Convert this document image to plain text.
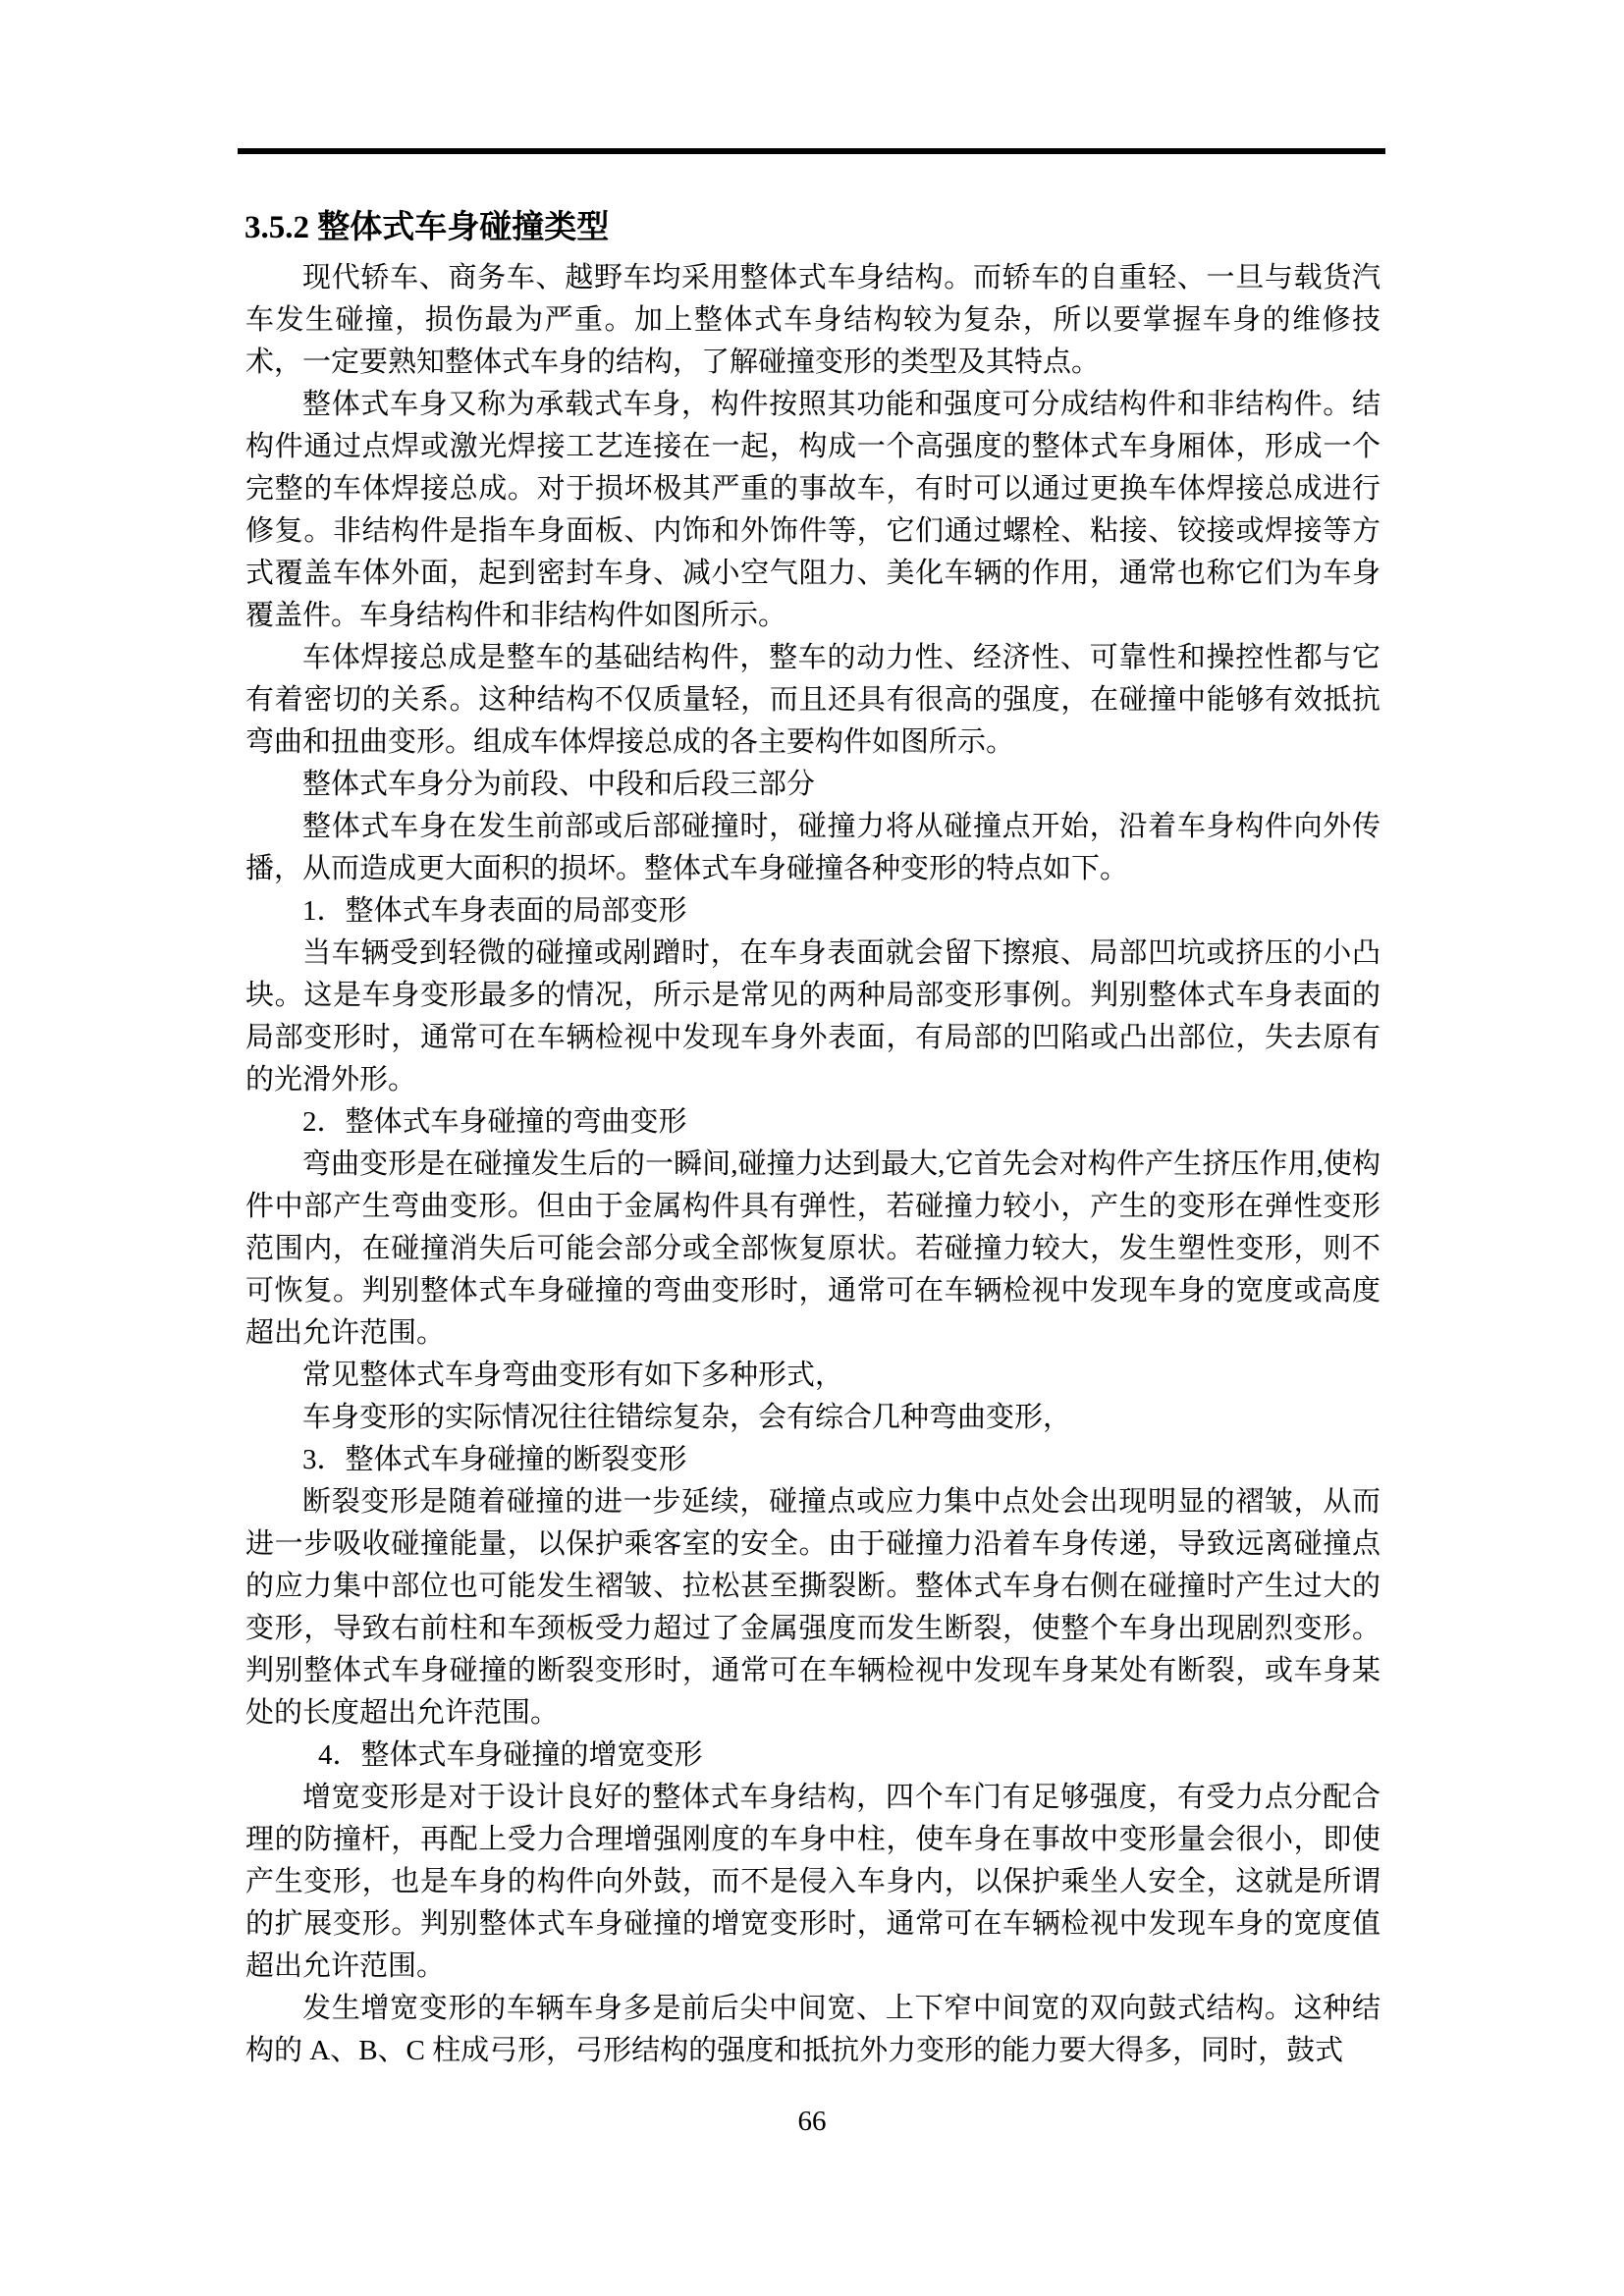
3.5.2 整体式车身碰撞类型

现代轿车、商务车、越野车均采用整体式车身结构。而轿车的自重轻、一旦与载货汽车发生碰撞，损伤最为严重。加上整体式车身结构较为复杂，所以要掌握车身的维修技术，一定要熟知整体式车身的结构，了解碰撞变形的类型及其特点。

整体式车身又称为承载式车身，构件按照其功能和强度可分成结构件和非结构件。结构件通过点焊或激光焊接工艺连接在一起，构成一个高强度的整体式车身厢体，形成一个完整的车体焊接总成。对于损坏极其严重的事故车，有时可以通过更换车体焊接总成进行修复。非结构件是指车身面板、内饰和外饰件等，它们通过螺栓、粘接、铰接或焊接等方式覆盖车体外面，起到密封车身、减小空气阻力、美化车辆的作用，通常也称它们为车身覆盖件。车身结构件和非结构件如图所示。

车体焊接总成是整车的基础结构件，整车的动力性、经济性、可靠性和操控性都与它有着密切的关系。这种结构不仅质量轻，而且还具有很高的强度，在碰撞中能够有效抵抗弯曲和扭曲变形。组成车体焊接总成的各主要构件如图所示。

整体式车身分为前段、中段和后段三部分

整体式车身在发生前部或后部碰撞时，碰撞力将从碰撞点开始，沿着车身构件向外传播，从而造成更大面积的损坏。整体式车身碰撞各种变形的特点如下。

1．整体式车身表面的局部变形

当车辆受到轻微的碰撞或剐蹭时，在车身表面就会留下擦痕、局部凹坑或挤压的小凸块。这是车身变形最多的情况，所示是常见的两种局部变形事例。判别整体式车身表面的局部变形时，通常可在车辆检视中发现车身外表面，有局部的凹陷或凸出部位，失去原有的光滑外形。

2．整体式车身碰撞的弯曲变形

弯曲变形是在碰撞发生后的一瞬间,碰撞力达到最大,它首先会对构件产生挤压作用,使构件中部产生弯曲变形。但由于金属构件具有弹性，若碰撞力较小，产生的变形在弹性变形范围内，在碰撞消失后可能会部分或全部恢复原状。若碰撞力较大，发生塑性变形，则不可恢复。判别整体式车身碰撞的弯曲变形时，通常可在车辆检视中发现车身的宽度或高度超出允许范围。

常见整体式车身弯曲变形有如下多种形式，

车身变形的实际情况往往错综复杂，会有综合几种弯曲变形，

3．整体式车身碰撞的断裂变形

断裂变形是随着碰撞的进一步延续，碰撞点或应力集中点处会出现明显的褶皱，从而进一步吸收碰撞能量，以保护乘客室的安全。由于碰撞力沿着车身传递，导致远离碰撞点的应力集中部位也可能发生褶皱、拉松甚至撕裂断。整体式车身右侧在碰撞时产生过大的变形，导致右前柱和车颈板受力超过了金属强度而发生断裂，使整个车身出现剧烈变形。判别整体式车身碰撞的断裂变形时，通常可在车辆检视中发现车身某处有断裂，或车身某处的长度超出允许范围。

4．整体式车身碰撞的增宽变形

增宽变形是对于设计良好的整体式车身结构，四个车门有足够强度，有受力点分配合理的防撞杆，再配上受力合理增强刚度的车身中柱，使车身在事故中变形量会很小，即使产生变形，也是车身的构件向外鼓，而不是侵入车身内，以保护乘坐人安全，这就是所谓的扩展变形。判别整体式车身碰撞的增宽变形时，通常可在车辆检视中发现车身的宽度值超出允许范围。

发生增宽变形的车辆车身多是前后尖中间宽、上下窄中间宽的双向鼓式结构。这种结构的 A、B、C 柱成弓形，弓形结构的强度和抵抗外力变形的能力要大得多，同时，鼓式

66
